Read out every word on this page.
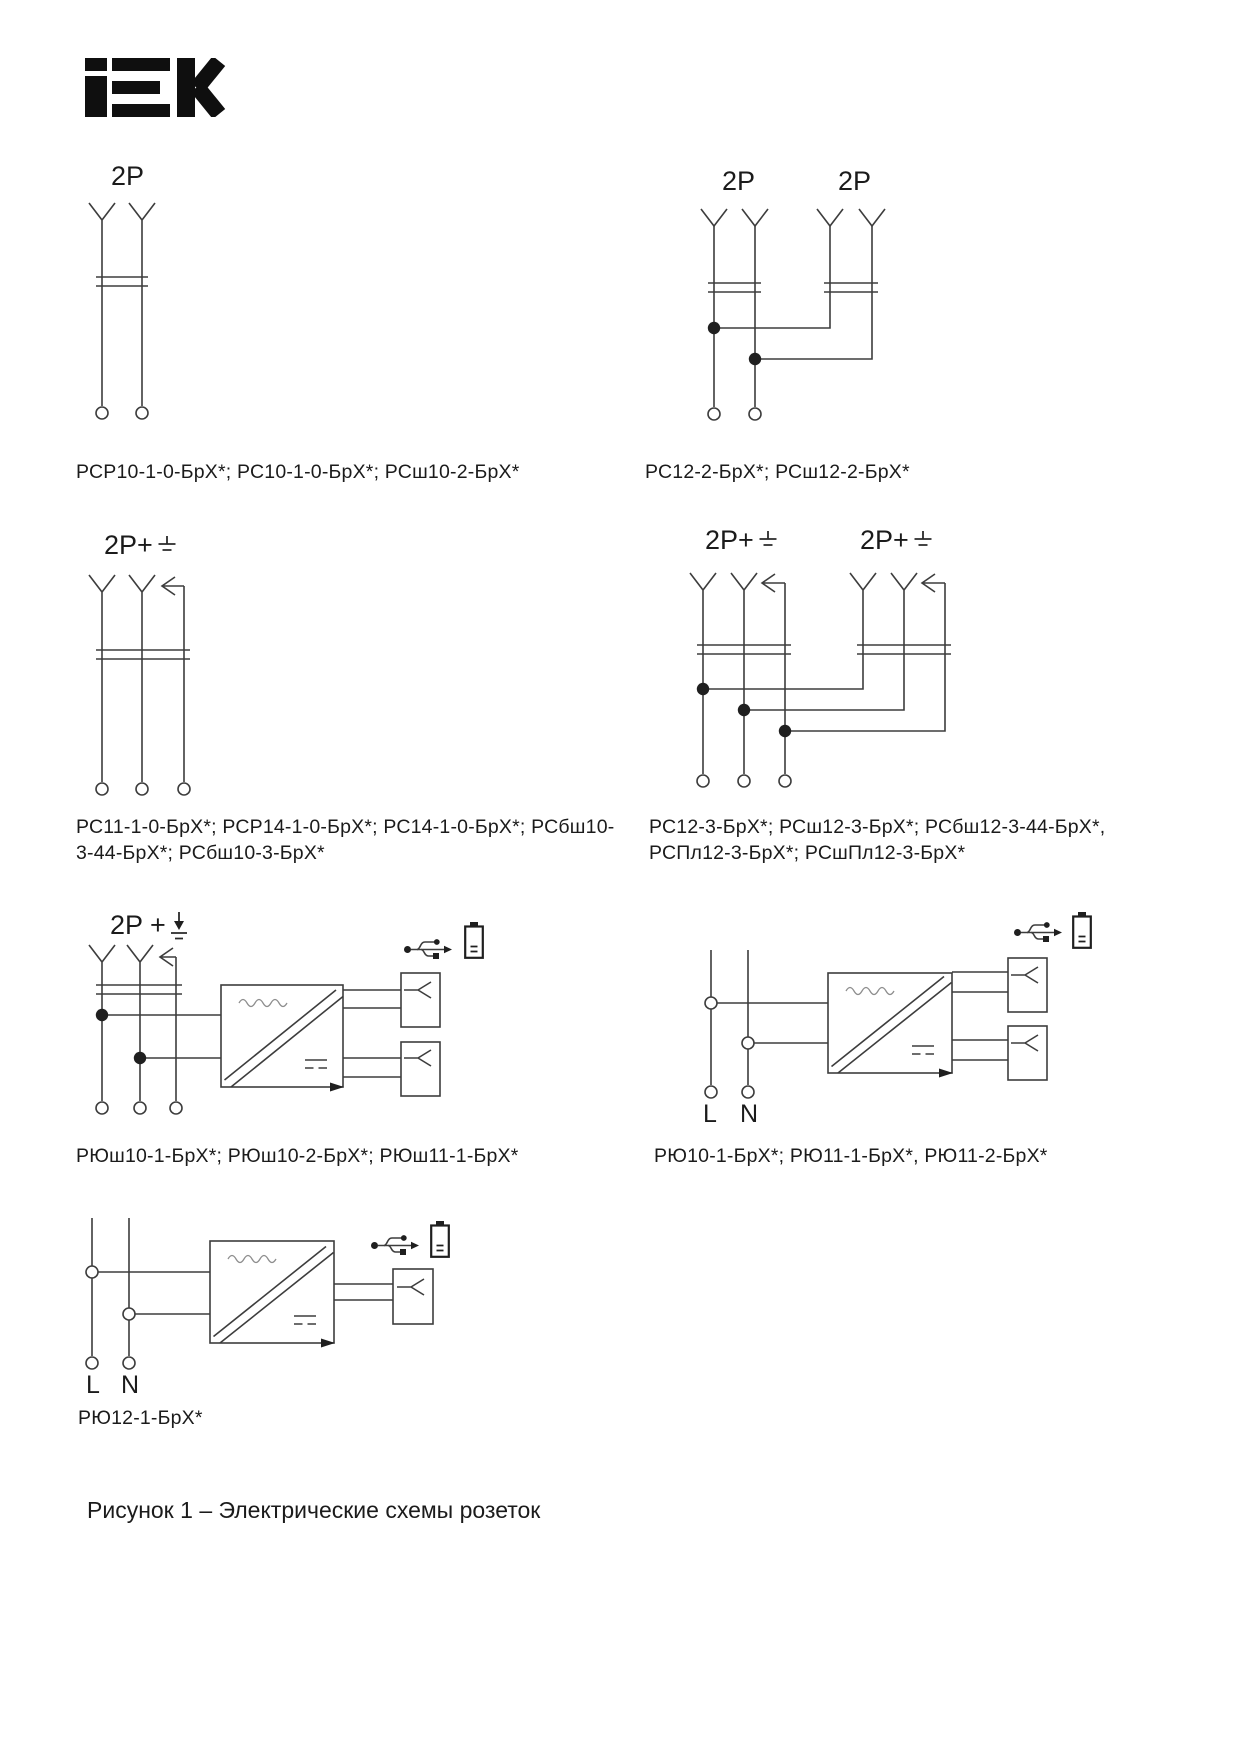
2P	2P	2P
2P+	2P+	2P+
2P +
L N
L N
РСР10-1-0-БрХ*; РС10-1-0-БрХ*; РСш10-2-БрХ*	РС12-2-БрХ*; РСш12-2-БрХ*
РС11-1-0-БрХ*; РСР14-1-0-БрХ*; РС14-1-0-БрХ*; РСбш10-
3-44-БрХ*; РСбш10-3-БрХ*
РС12-3-БрХ*; РСш12-3-БрХ*; РСбш12-3-44-БрХ*,
РСПл12-3-БрХ*; РСшПл12-3-БрХ*
РЮш10-1-БрХ*; РЮш10-2-БрХ*; РЮш11-1-БрХ*	РЮ10-1-БрХ*; РЮ11-1-БрХ*, РЮ11-2-БрХ*
РЮ12-1-БрХ*
Рисунок 1 – Электрические схемы розеток
